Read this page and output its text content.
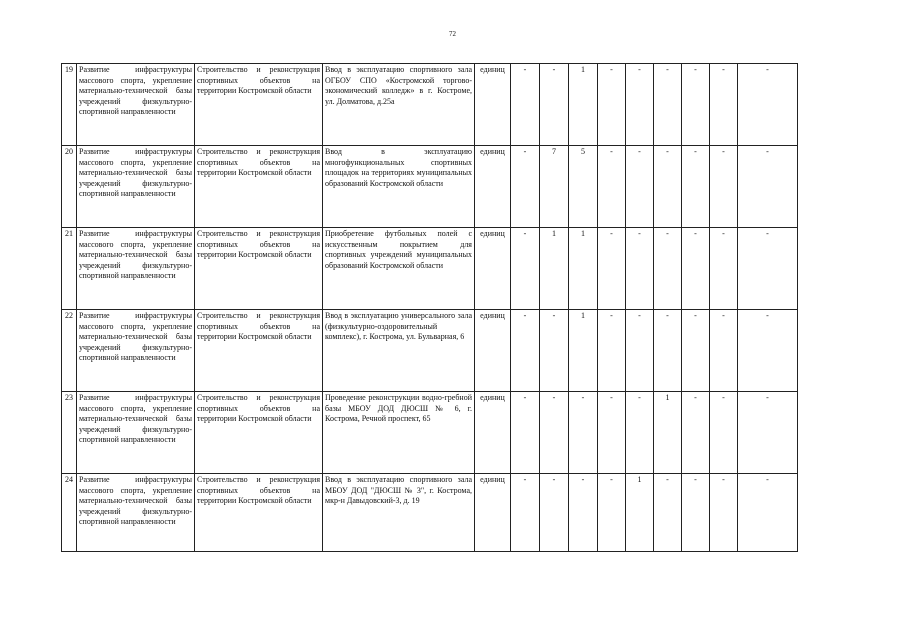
72
19	Развитие инфраструктуры массового спорта, укрепление материально-технической базы учреждений физкультурно-спортивной направленности	Строительство и реконструкция спортивных объектов на территории Костромской области	Ввод в эксплуатацию спортивного зала ОГБОУ СПО «Костромской торгово-экономический колледж» в г. Костроме, ул. Долматова, д.25а	единиц	-	-	1	-	-	-	-	-	-
20	Развитие инфраструктуры массового спорта, укрепление материально-технической базы учреждений физкультурно-спортивной направленности	Строительство и реконструкция спортивных объектов на территории Костромской области	Ввод в эксплуатацию многофункциональных спортивных площадок на территориях муниципальных образований Костромской области	единиц	-	7	5	-	-	-	-	-	-
21	Развитие инфраструктуры массового спорта, укрепление материально-технической базы учреждений физкультурно-спортивной направленности	Строительство и реконструкция спортивных объектов на территории Костромской области	Приобретение футбольных полей с искусственным покрытием для спортивных учреждений муниципальных образований Костромской области	единиц	-	1	1	-	-	-	-	-	-
22	Развитие инфраструктуры массового спорта, укрепление материально-технической базы учреждений физкультурно-спортивной направленности	Строительство и реконструкция спортивных объектов на территории Костромской области	Ввод в эксплуатацию универсального зала (физкультурно-оздоровительный комплекс), г. Кострома, ул. Бульварная, 6	единиц	-	-	1	-	-	-	-	-	-
23	Развитие инфраструктуры массового спорта, укрепление материально-технической базы учреждений физкультурно-спортивной направленности	Строительство и реконструкция спортивных объектов на территории Костромской области	Проведение реконструкции водно-гребной базы МБОУ ДОД ДЮСШ № 6, г. Кострома, Речной проспект, 65	единиц	-	-	-	-	-	1	-	-	-
24	Развитие инфраструктуры массового спорта, укрепление материально-технической базы учреждений физкультурно-спортивной направленности	Строительство и реконструкция спортивных объектов на территории Костромской области	Ввод в эксплуатацию спортивного зала МБОУ ДОД "ДЮСШ № 3", г. Кострома, мкр-н Давыдовский-3, д. 19	единиц	-	-	-	-	1	-	-	-	-
